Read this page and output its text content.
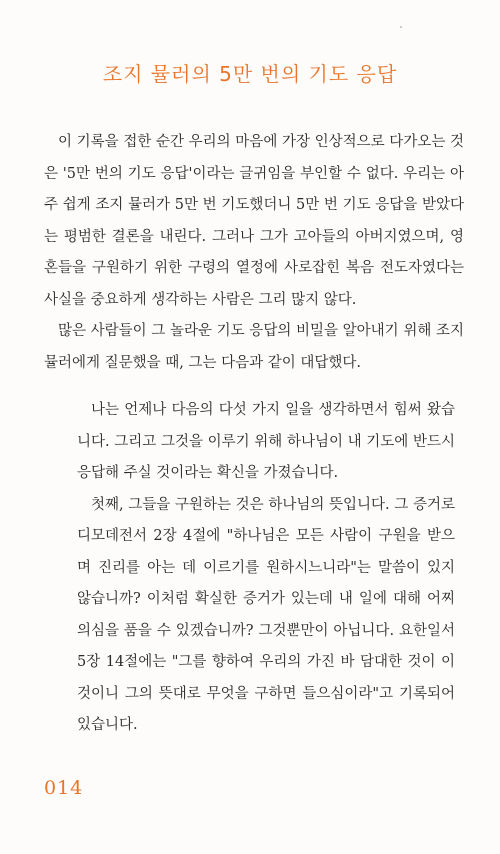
조지 뮬러의 5만 번의 기도 응답

이 기록을 접한 순간 우리의 마음에 가장 인상적으로 다가오는 것은 '5만 번의 기도 응답'이라는 글귀임을 부인할 수 없다. 우리는 아주 쉽게 조지 뮬러가 5만 번 기도했더니 5만 번 기도 응답을 받았다는 평범한 결론을 내린다. 그러나 그가 고아들의 아버지였으며, 영혼들을 구원하기 위한 구령의 열정에 사로잡힌 복음 전도자였다는 사실을 중요하게 생각하는 사람은 그리 많지 않다.

많은 사람들이 그 놀라운 기도 응답의 비밀을 알아내기 위해 조지 뮬러에게 질문했을 때, 그는 다음과 같이 대답했다.

나는 언제나 다음의 다섯 가지 일을 생각하면서 힘써 왔습니다. 그리고 그것을 이루기 위해 하나님이 내 기도에 반드시 응답해 주실 것이라는 확신을 가졌습니다.

첫째, 그들을 구원하는 것은 하나님의 뜻입니다. 그 증거로 디모데전서 2장 4절에 "하나님은 모든 사람이 구원을 받으며 진리를 아는 데 이르기를 원하시느니라"는 말씀이 있지 않습니까? 이처럼 확실한 증거가 있는데 내 일에 대해 어찌 의심을 품을 수 있겠습니까? 그것뿐만이 아닙니다. 요한일서 5장 14절에는 "그를 향하여 우리의 가진 바 담대한 것이 이것이니 그의 뜻대로 무엇을 구하면 들으심이라"고 기록되어 있습니다.

014
